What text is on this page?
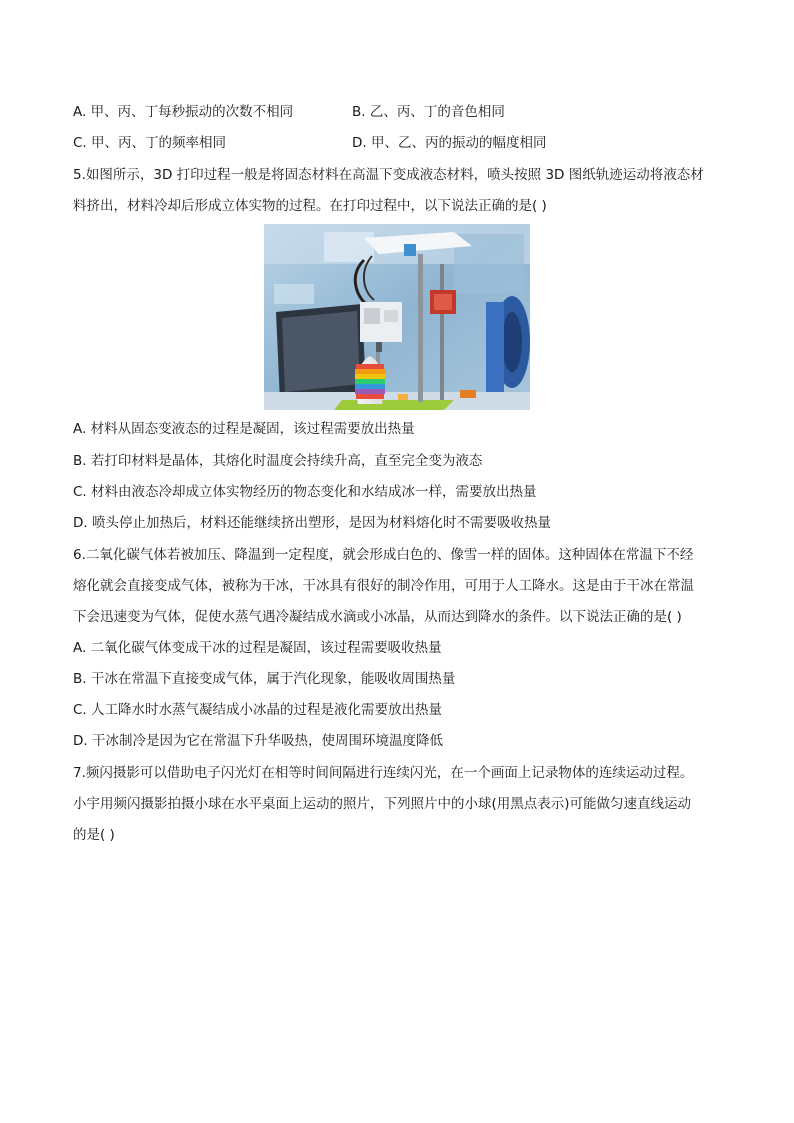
A. 甲、丙、丁每秒振动的次数不相同	B. 乙、丙、丁的音色相同
C. 甲、丙、丁的频率相同	D. 甲、乙、丙的振动的幅度相同
5.如图所示，3D 打印过程一般是将固态材料在高温下变成液态材料，喷头按照 3D 图纸轨迹运动将液态材
料挤出，材料冷却后形成立体实物的过程。在打印过程中，以下说法正确的是( )
A. 材料从固态变液态的过程是凝固，该过程需要放出热量
B. 若打印材料是晶体，其熔化时温度会持续升高，直至完全变为液态
C. 材料由液态冷却成立体实物经历的物态变化和水结成冰一样，需要放出热量
D. 喷头停止加热后，材料还能继续挤出塑形，是因为材料熔化时不需要吸收热量
6.二氧化碳气体若被加压、降温到一定程度，就会形成白色的、像雪一样的固体。这种固体在常温下不经
熔化就会直接变成气体，被称为干冰，干冰具有很好的制冷作用，可用于人工降水。这是由于干冰在常温
下会迅速变为气体，促使水蒸气遇冷凝结成水滴或小冰晶，从而达到降水的条件。以下说法正确的是( )
A. 二氧化碳气体变成干冰的过程是凝固，该过程需要吸收热量
B. 干冰在常温下直接变成气体，属于汽化现象，能吸收周围热量
C. 人工降水时水蒸气凝结成小冰晶的过程是液化需要放出热量
D. 干冰制冷是因为它在常温下升华吸热，使周围环境温度降低
7.频闪摄影可以借助电子闪光灯在相等时间间隔进行连续闪光，在一个画面上记录物体的连续运动过程。
小宇用频闪摄影拍摄小球在水平桌面上运动的照片，下列照片中的小球(用黑点表示)可能做匀速直线运动
的是( )
